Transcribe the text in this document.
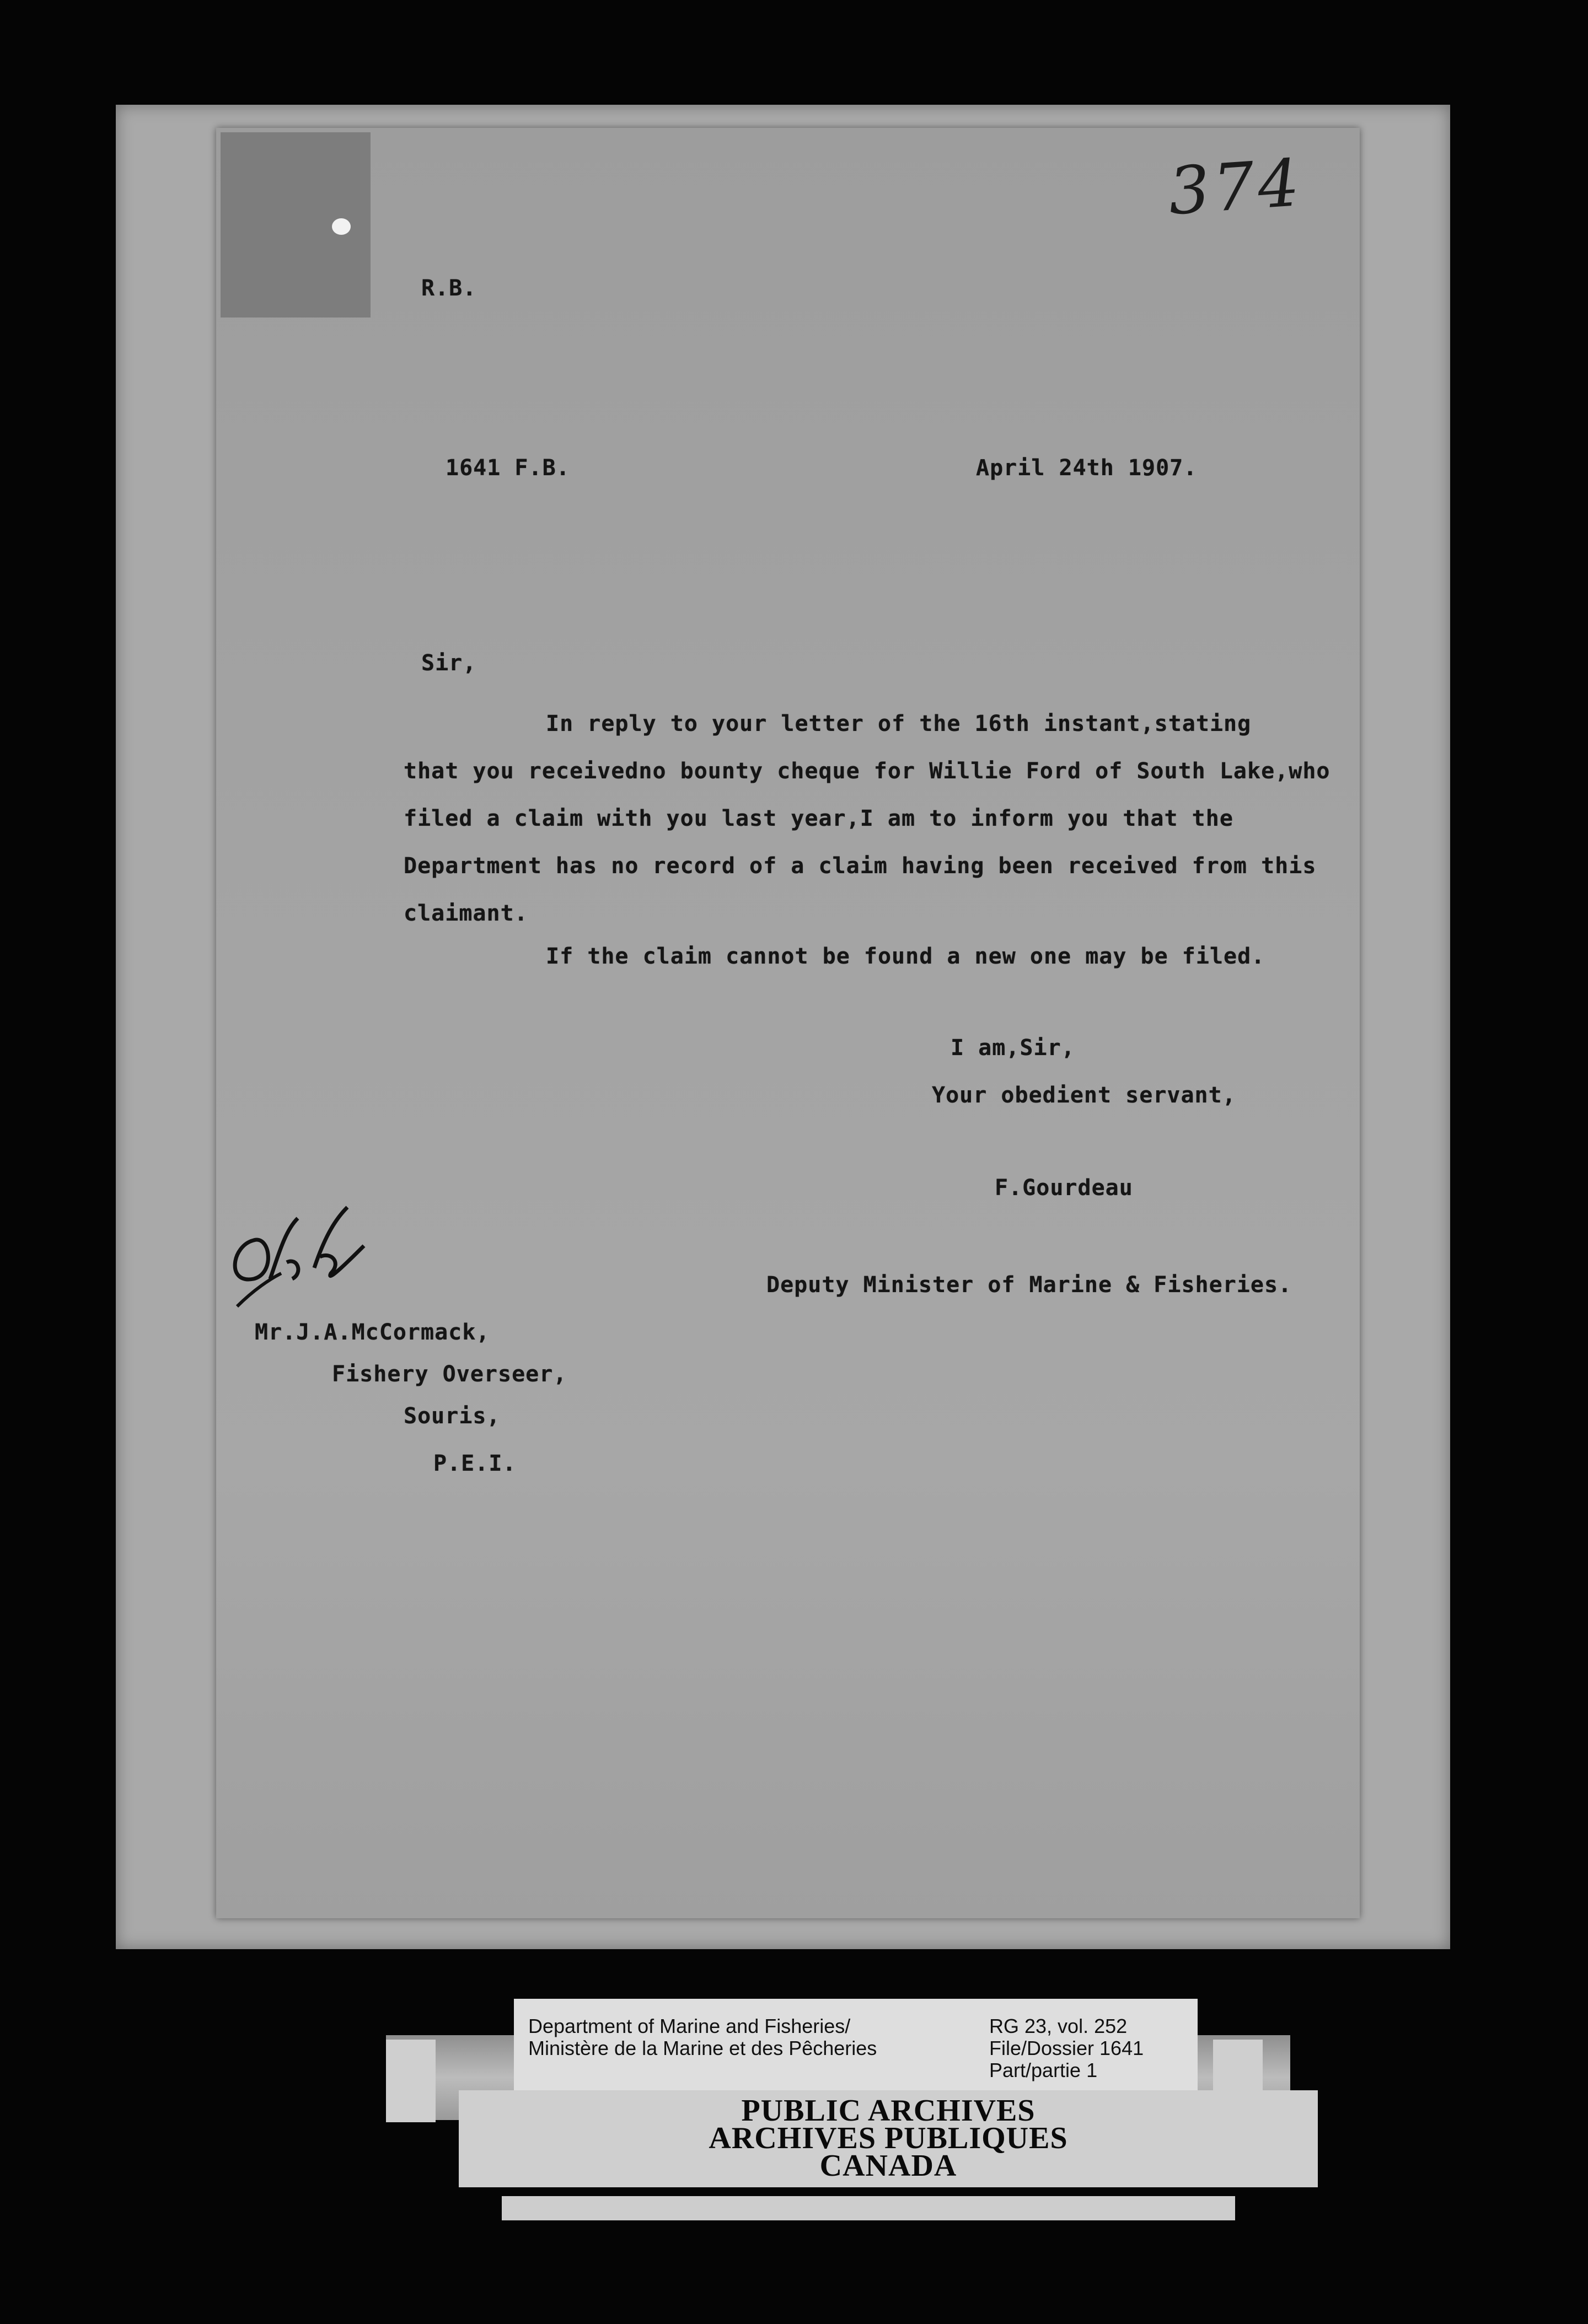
374
R.B.
1641 F.B.	April 24th 1907.
Sir,
In reply to your letter of the 16th instant,stating
that you receivedno bounty cheque for Willie Ford of South Lake,who
filed a claim with you last year,I am to inform you that the
Department has no record of a claim having been received from this
claimant.
If the claim cannot be found a new one may be filed.
I am,Sir,
Your obedient servant,
F.Gourdeau
Deputy Minister of Marine & Fisheries.
Mr.J.A.McCormack,
Fishery Overseer,
Souris,
P.E.I.
Department of Marine and Fisheries/
Ministère de la Marine et des Pêcheries
RG 23, vol. 252
File/Dossier 1641
Part/partie 1
PUBLIC ARCHIVES
ARCHIVES PUBLIQUES
CANADA
